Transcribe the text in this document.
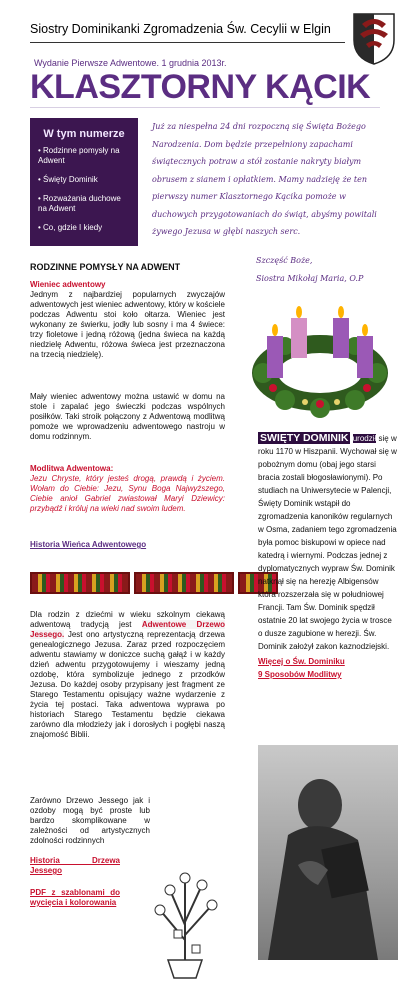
Siostry Dominikanki Zgromadzenia Św. Cecylii w Elgin
Wydanie Pierwsze Adwentowe. 1 grudnia 2013r.
KLASZTORNY KĄCIK
W tym numerze
• Rodzinne pomysły na Adwent
• Święty Dominik
• Rozważania duchowe na Adwent
• Co, gdzie I kiedy
Już za niespełna 24 dni rozpoczną się Święta Bożego Narodzenia. Dom będzie przepełniony zapachami świątecznych potraw a stół zostanie nakryty białym obrusem z sianem i opłatkiem. Mamy nadzieję że ten pierwszy numer Klasztornego Kącika pomoże w duchowych przygotowaniach do świąt, abyśmy powitali żywego Jezusa w głębi naszych serc.
Szczęść Boże,
Siostra Mikołaj Maria, O.P
RODZINNE POMYSŁY NA ADWENT
Wieniec adwentowy
Jednym z najbardziej popularnych zwyczajów adwentowych jest wieniec adwentowy, który w kościele podczas Adwentu stoi koło ołtarza. Wieniec jest wykonany ze świerku, jodły lub sosny i ma 4 świece: trzy fioletowe i jedną różową (jedna świeca na każdą niedzielę Adwentu, różowa świeca jest przeznaczona na trzecią niedzielę).
Mały wieniec adwentowy można ustawić w domu na stole i zapalać jego świeczki podczas wspólnych posiłków. Taki stroik połączony z Adwentową modlitwą pomoże we wprowadzeniu adwentowego nastroju w domu rodzinnym.
Modlitwa Adwentowa:
Jezu Chryste, który jesteś drogą, prawdą i życiem. Wołam do Ciebie: Jezu, Synu Boga Najwyższego, Ciebie anioł Gabriel zwiastował Maryi Dziewicy: przybądź i króluj na wieki nad swoim ludem.
Historia Wieńca Adwentowego
Dla rodzin z dziećmi w wieku szkolnym ciekawą adwentową tradycją jest Adwentowe Drzewo Jessego. Jest ono artystyczną reprezentacją drzewa genealogicznego Jezusa. Zaraz przed rozpoczęciem adwentu stawiamy w doniczce suchą gałąź i w każdy dzień adwentu przygotowujemy i wieszamy jedną ozdobę, która symbolizuje jednego z przodków Jezusa. Do każdej osoby przypisany jest fragment ze Starego Testamentu opisujący ważne wydarzenie z życia tej postaci. Taka adwentowa wyprawa po historiach Starego Testamentu będzie ciekawa zarówno dla młodzieży jak i dorosłych i pogłębi naszą znajomość Biblii.
Zarówno Drzewo Jessego jak i ozdoby mogą być proste lub bardzo skomplikowane w zależności od artystycznych zdolności rodzinnych
Historia Drzewa Jessego
PDF z szablonami do wycięcia i kolorowania
SWIĘTY DOMINIK urodził się w roku 1170 w Hiszpanii. Wychował się w pobożnym domu (obaj jego starsi bracia zostali błogosławionymi). Po studiach na Uniwersytecie w Palencji, Święty Dominik wstąpił do zgromadzenia kanoników regularnych w Osma, zadaniem tego zgromadzenia była pomoc biskupowi w opiece nad katedrą i wiernymi. Podczas jednej z dyplomatycznych wypraw Św. Dominik natknął się na herezję Albigensów która rozszerzała się w południowej Francji. Tam Św. Dominik spędził ostatnie 20 lat swojego życia w trosce o dusze zagubione w herezji. Św. Dominik założył zakon kaznodziejski.
Więcej o Św. Dominiku
9 Sposobów Modlitwy
